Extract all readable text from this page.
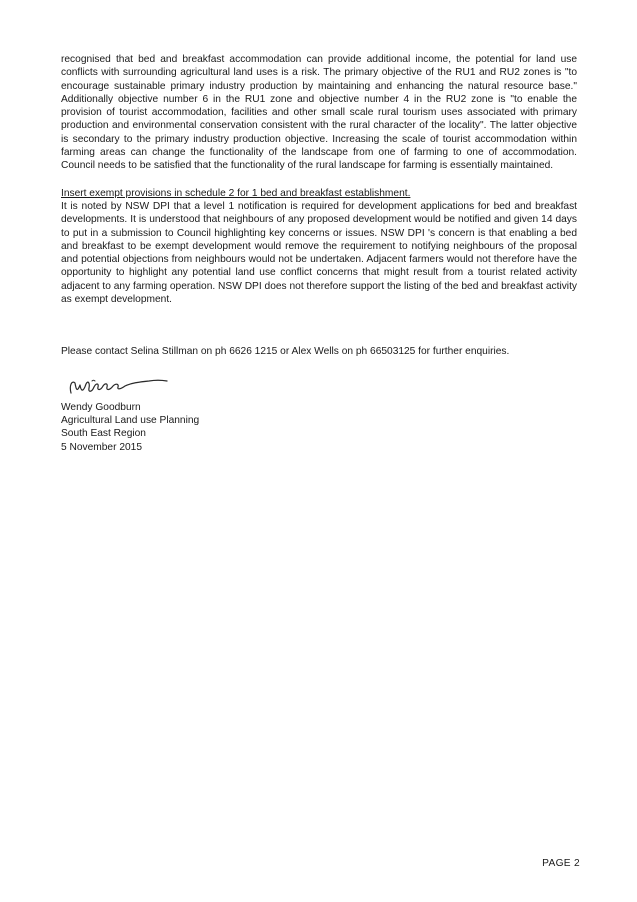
recognised that bed and breakfast accommodation can provide additional income, the potential for land use conflicts with surrounding agricultural land uses is a risk. The primary objective of the RU1 and RU2 zones is "to encourage sustainable primary industry production by maintaining and enhancing the natural resource base." Additionally objective number 6 in the RU1 zone and objective number 4 in the RU2 zone is "to enable the provision of tourist accommodation, facilities and other small scale rural tourism uses associated with primary production and environmental conservation consistent with the rural character of the locality". The latter objective is secondary to the primary industry production objective. Increasing the scale of tourist accommodation within farming areas can change the functionality of the landscape from one of farming to one of accommodation. Council needs to be satisfied that the functionality of the rural landscape for farming is essentially maintained.

Insert exempt provisions in schedule 2 for 1 bed and breakfast establishment.

It is noted by NSW DPI that a level 1 notification is required for development applications for bed and breakfast developments. It is understood that neighbours of any proposed development would be notified and given 14 days to put in a submission to Council highlighting key concerns or issues. NSW DPI 's concern is that enabling a bed and breakfast to be exempt development would remove the requirement to notifying neighbours of the proposal and potential objections from neighbours would not be undertaken. Adjacent farmers would not therefore have the opportunity to highlight any potential land use conflict concerns that might result from a tourist related activity adjacent to any farming operation. NSW DPI does not therefore support the listing of the bed and breakfast activity as exempt development.

Please contact Selina Stillman on ph 6626 1215 or Alex Wells on ph 66503125 for further enquiries.

Wendy Goodburn

Agricultural Land use Planning

South East Region

5 November 2015

PAGE 2
